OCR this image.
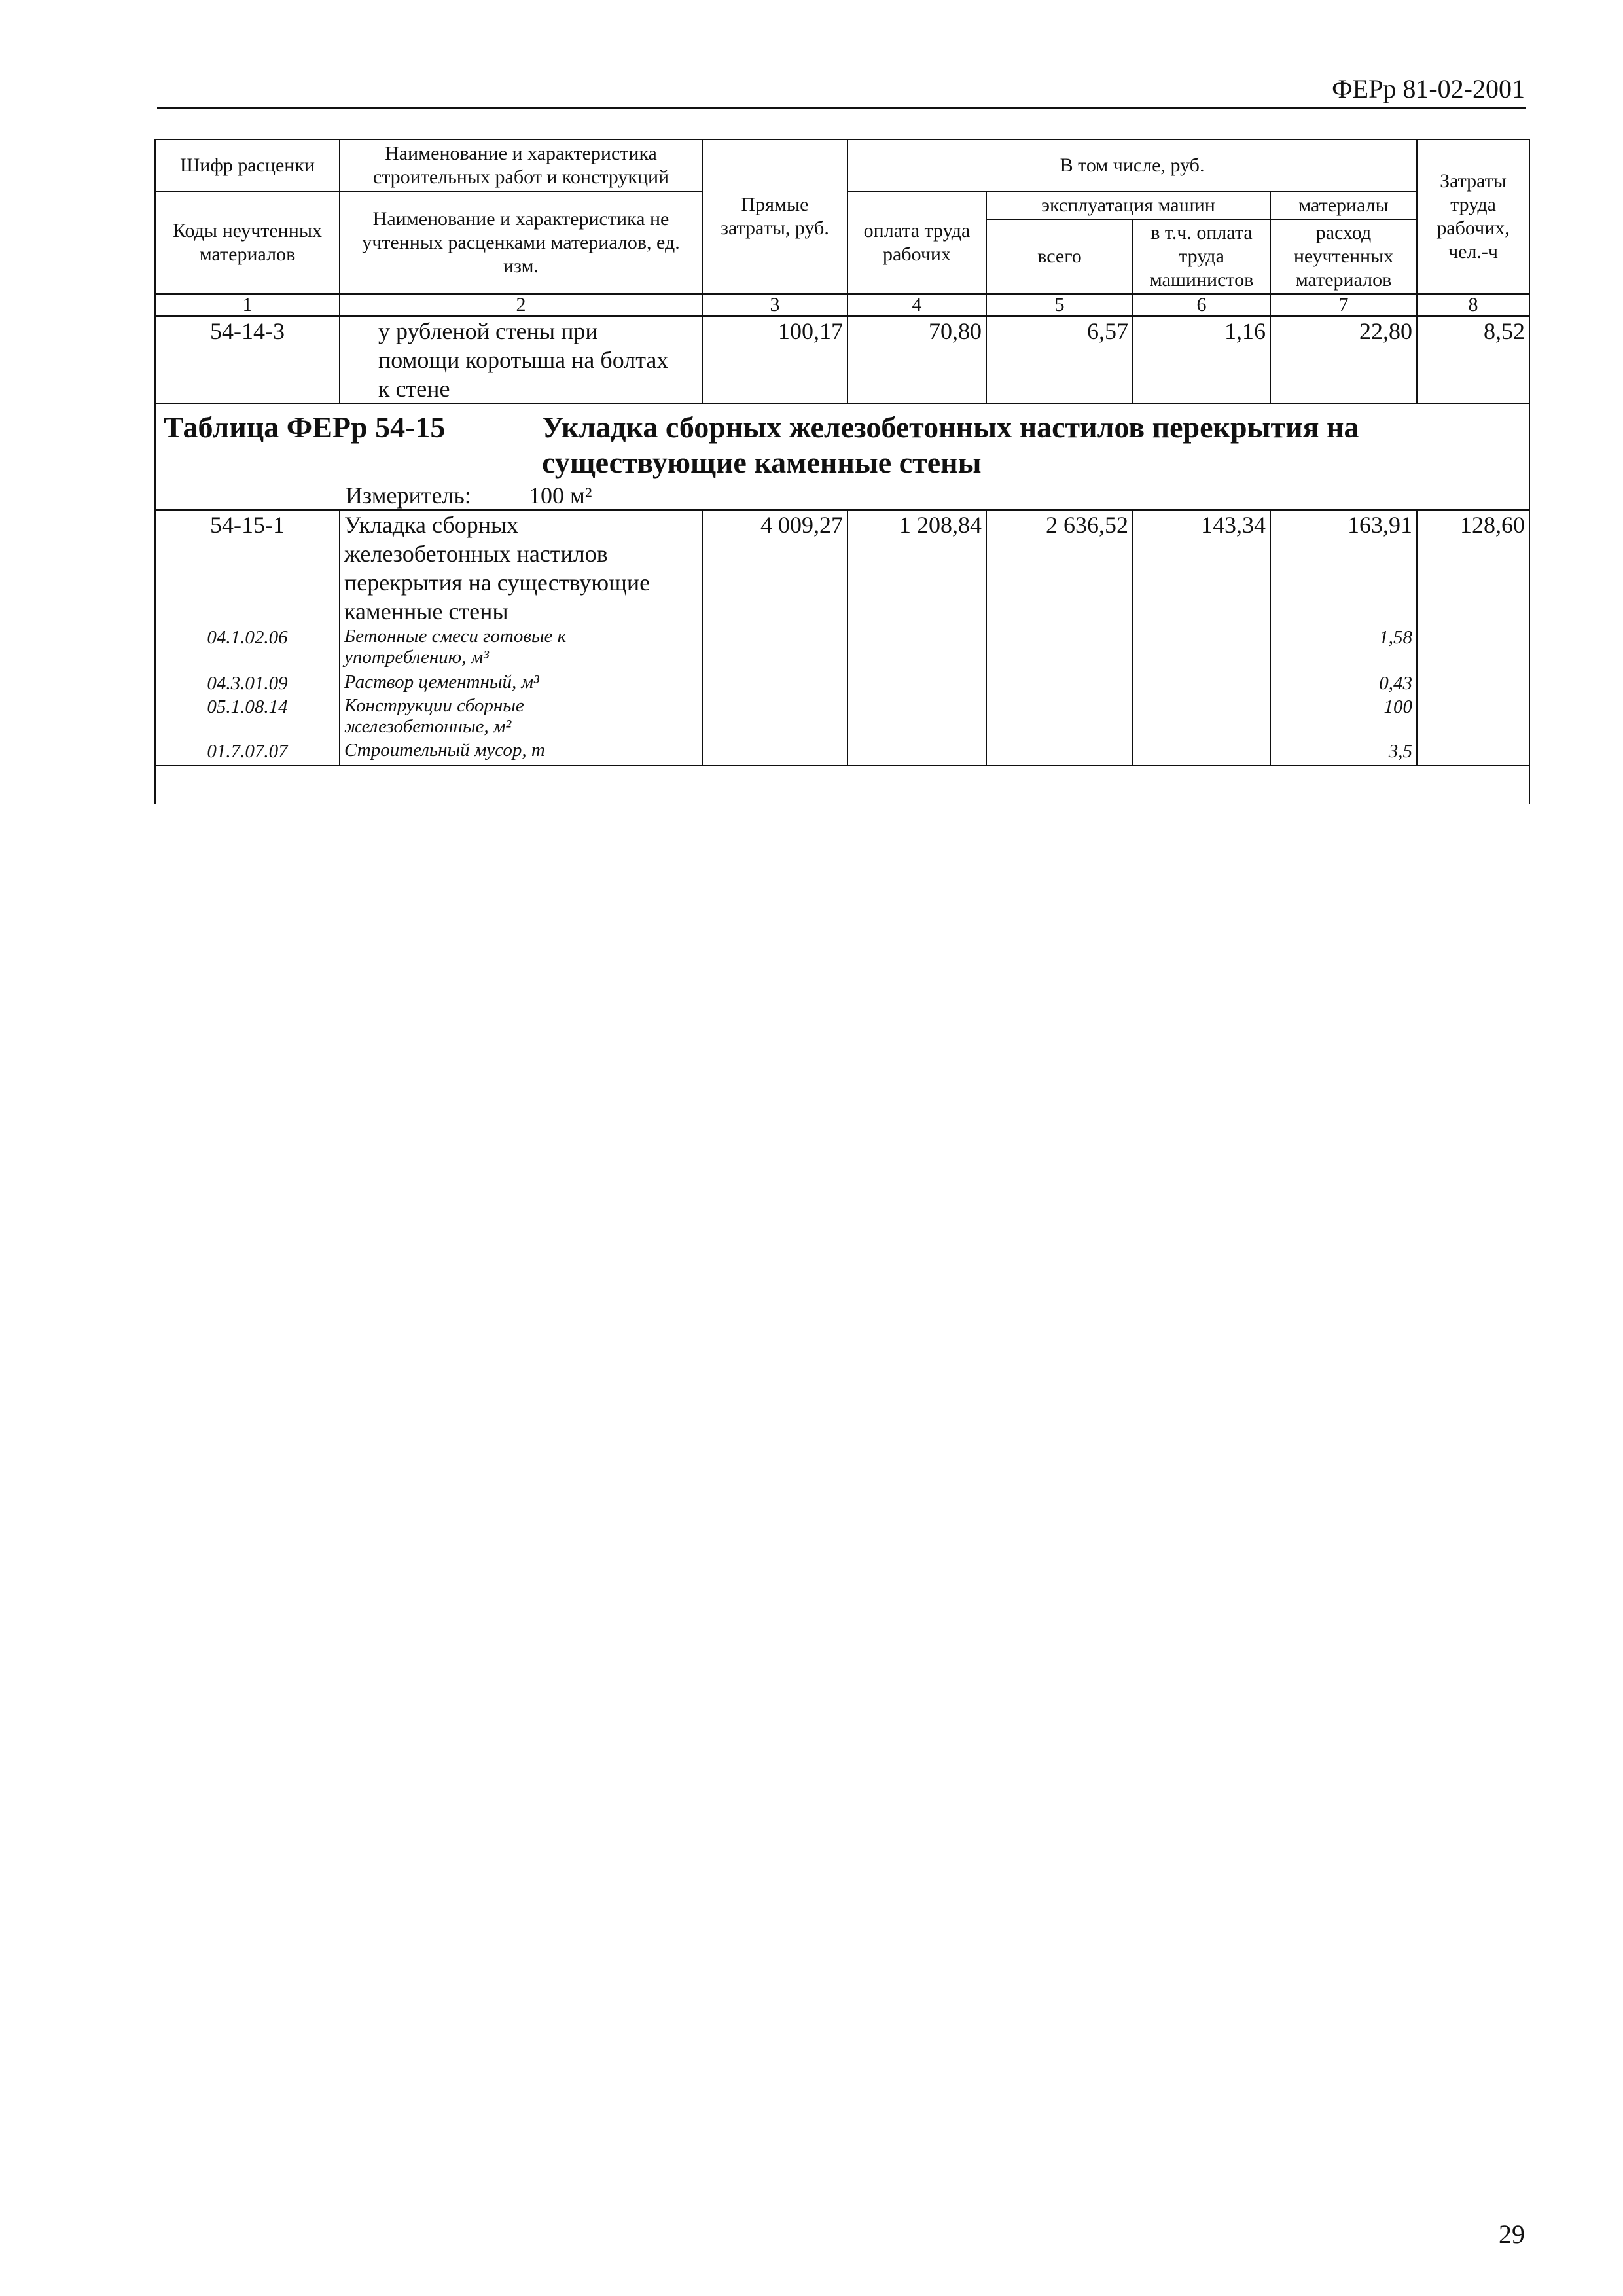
ФЕРр 81-02-2001
Шифр расценки	Наименование и характеристика строительных работ и конструкций	Прямые затраты, руб.	В том числе, руб.				Затраты труда рабочих, чел.-ч
Коды неучтенных материалов	Наименование и характеристика не учтенных расценками материалов, ед. изм.		оплата труда рабочих	эксплуатация машин		материалы	
				всего	в т.ч. оплата труда машинистов	расход неучтенных материалов	
1	2	3	4	5	6	7	8
54-14-3	у рубленой стены при
помощи коротыша на болтах
к стене	100,17	70,80	6,57	1,16	22,80	8,52

Таблица ФЕРр 54-15 Укладка сборных железобетонных настилов перекрытия на
существующие каменные стены
Измеритель: 100 м²							

54-15-1	Укладка сборных
железобетонных настилов
перекрытия на существующие
каменные стены	4 009,27	1 208,84	2 636,52	143,34	163,91	128,60
04.1.02.06	Бетонные смеси готовые к
употреблению, м³					1,58	
04.3.01.09	Раствор цементный, м³					0,43	
05.1.08.14	Конструкции сборные
железобетонные, м²					100	
01.7.07.07	Строительный мусор, т					3,5	

29
